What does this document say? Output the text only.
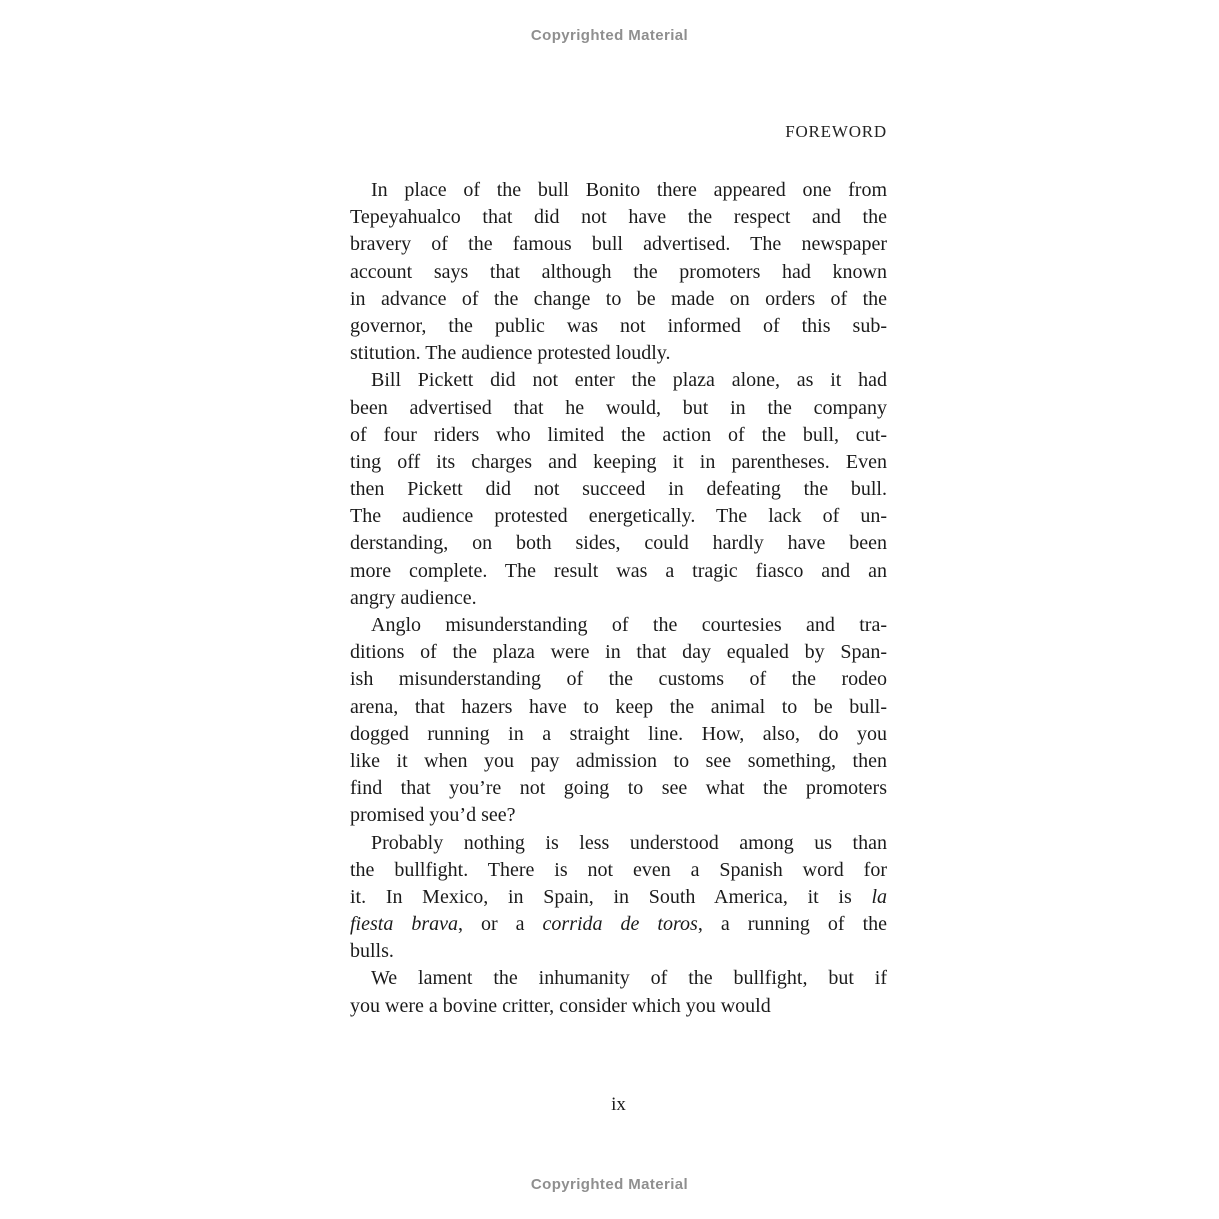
Copyrighted Material
FOREWORD
In place of the bull Bonito there appeared one from
Tepeyahualco that did not have the respect and the
bravery of the famous bull advertised. The newspaper
account says that although the promoters had known
in advance of the change to be made on orders of the
governor, the public was not informed of this sub-
stitution. The audience protested loudly.
Bill Pickett did not enter the plaza alone, as it had
been advertised that he would, but in the company
of four riders who limited the action of the bull, cut-
ting off its charges and keeping it in parentheses. Even
then Pickett did not succeed in defeating the bull.
The audience protested energetically. The lack of un-
derstanding, on both sides, could hardly have been
more complete. The result was a tragic fiasco and an
angry audience.
Anglo misunderstanding of the courtesies and tra-
ditions of the plaza were in that day equaled by Span-
ish misunderstanding of the customs of the rodeo
arena, that hazers have to keep the animal to be bull-
dogged running in a straight line. How, also, do you
like it when you pay admission to see something, then
find that you’re not going to see what the promoters
promised you’d see?
Probably nothing is less understood among us than
the bullfight. There is not even a Spanish word for
it. In Mexico, in Spain, in South America, it is la
fiesta brava, or a corrida de toros, a running of the
bulls.
We lament the inhumanity of the bullfight, but if
you were a bovine critter, consider which you would
ix
Copyrighted Material
